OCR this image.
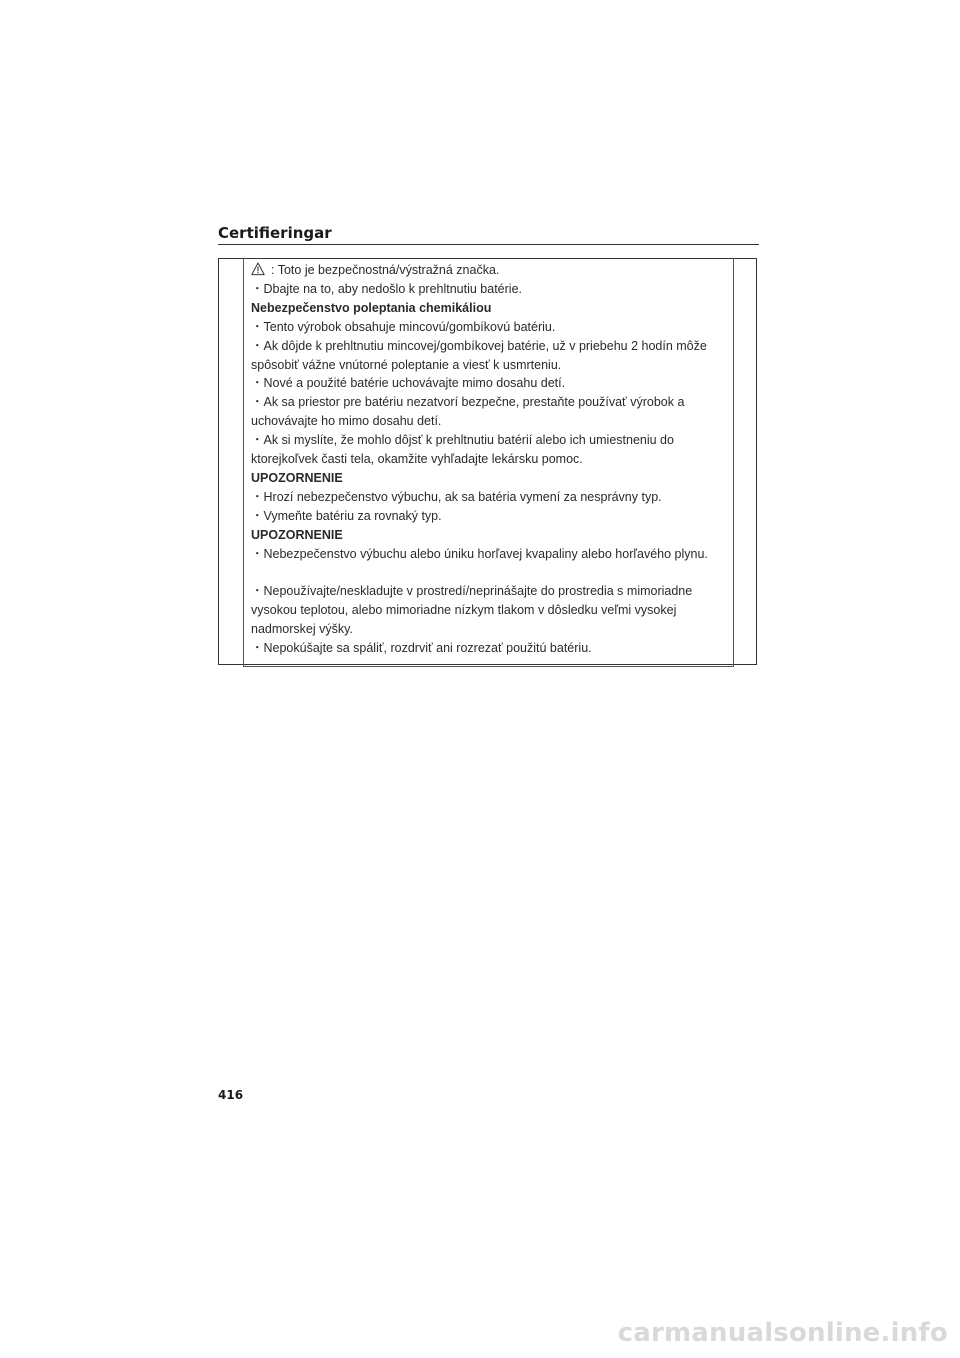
Certifieringar
: Toto je bezpečnostná/výstražná značka.
・Dbajte na to, aby nedošlo k prehltnutiu batérie.
Nebezpečenstvo poleptania chemikáliou
・Tento výrobok obsahuje mincovú/gombíkovú batériu.
・Ak dôjde k prehltnutiu mincovej/gombíkovej batérie, už v priebehu 2 hodín môže
spôsobiť vážne vnútorné poleptanie a viesť k usmrteniu.
・Nové a použité batérie uchovávajte mimo dosahu detí.
・Ak sa priestor pre batériu nezatvorí bezpečne, prestaňte používať výrobok a
uchovávajte ho mimo dosahu detí.
・Ak si myslíte, že mohlo dôjsť k prehltnutiu batérií alebo ich umiestneniu do
ktorejkoľvek časti tela, okamžite vyhľadajte lekársku pomoc.
UPOZORNENIE
・Hrozí nebezpečenstvo výbuchu, ak sa batéria vymení za nesprávny typ.
・Vymeňte batériu za rovnaký typ.
UPOZORNENIE
・Nebezpečenstvo výbuchu alebo úniku horľavej kvapaliny alebo horľavého plynu.
・Nepoužívajte/neskladujte v prostredí/neprinášajte do prostredia s mimoriadne
vysokou teplotou, alebo mimoriadne nízkym tlakom v dôsledku veľmi vysokej
nadmorskej výšky.
・Nepokúšajte sa spáliť, rozdrviť ani rozrezať použitú batériu.
416
carmanualsonline.info
